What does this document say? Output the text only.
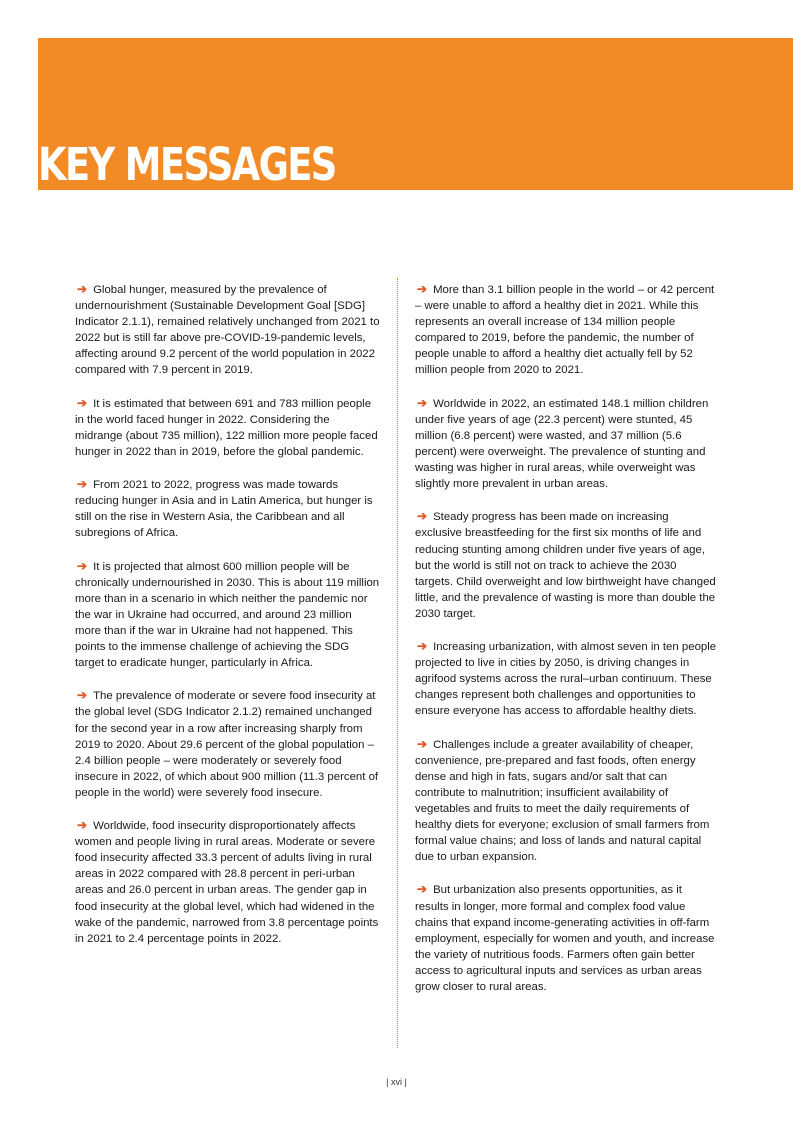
KEY MESSAGES

➔ Global hunger, measured by the prevalence of undernourishment (Sustainable Development Goal [SDG] Indicator 2.1.1), remained relatively unchanged from 2021 to 2022 but is still far above pre-COVID-19-pandemic levels, affecting around 9.2 percent of the world population in 2022 compared with 7.9 percent in 2019.

➔ It is estimated that between 691 and 783 million people in the world faced hunger in 2022. Considering the midrange (about 735 million), 122 million more people faced hunger in 2022 than in 2019, before the global pandemic.

➔ From 2021 to 2022, progress was made towards reducing hunger in Asia and in Latin America, but hunger is still on the rise in Western Asia, the Caribbean and all subregions of Africa.

➔ It is projected that almost 600 million people will be chronically undernourished in 2030. This is about 119 million more than in a scenario in which neither the pandemic nor the war in Ukraine had occurred, and around 23 million more than if the war in Ukraine had not happened. This points to the immense challenge of achieving the SDG target to eradicate hunger, particularly in Africa.

➔ The prevalence of moderate or severe food insecurity at the global level (SDG Indicator 2.1.2) remained unchanged for the second year in a row after increasing sharply from 2019 to 2020. About 29.6 percent of the global population – 2.4 billion people – were moderately or severely food insecure in 2022, of which about 900 million (11.3 percent of people in the world) were severely food insecure.

➔ Worldwide, food insecurity disproportionately affects women and people living in rural areas. Moderate or severe food insecurity affected 33.3 percent of adults living in rural areas in 2022 compared with 28.8 percent in peri-urban areas and 26.0 percent in urban areas. The gender gap in food insecurity at the global level, which had widened in the wake of the pandemic, narrowed from 3.8 percentage points in 2021 to 2.4 percentage points in 2022.

➔ More than 3.1 billion people in the world – or 42 percent – were unable to afford a healthy diet in 2021. While this represents an overall increase of 134 million people compared to 2019, before the pandemic, the number of people unable to afford a healthy diet actually fell by 52 million people from 2020 to 2021.

➔ Worldwide in 2022, an estimated 148.1 million children under five years of age (22.3 percent) were stunted, 45 million (6.8 percent) were wasted, and 37 million (5.6 percent) were overweight. The prevalence of stunting and wasting was higher in rural areas, while overweight was slightly more prevalent in urban areas.

➔ Steady progress has been made on increasing exclusive breastfeeding for the first six months of life and reducing stunting among children under five years of age, but the world is still not on track to achieve the 2030 targets. Child overweight and low birthweight have changed little, and the prevalence of wasting is more than double the 2030 target.

➔ Increasing urbanization, with almost seven in ten people projected to live in cities by 2050, is driving changes in agrifood systems across the rural–urban continuum. These changes represent both challenges and opportunities to ensure everyone has access to affordable healthy diets.

➔ Challenges include a greater availability of cheaper, convenience, pre-prepared and fast foods, often energy dense and high in fats, sugars and/or salt that can contribute to malnutrition; insufficient availability of vegetables and fruits to meet the daily requirements of healthy diets for everyone; exclusion of small farmers from formal value chains; and loss of lands and natural capital due to urban expansion.

➔ But urbanization also presents opportunities, as it results in longer, more formal and complex food value chains that expand income-generating activities in off-farm employment, especially for women and youth, and increase the variety of nutritious foods. Farmers often gain better access to agricultural inputs and services as urban areas grow closer to rural areas.

| xvi |
